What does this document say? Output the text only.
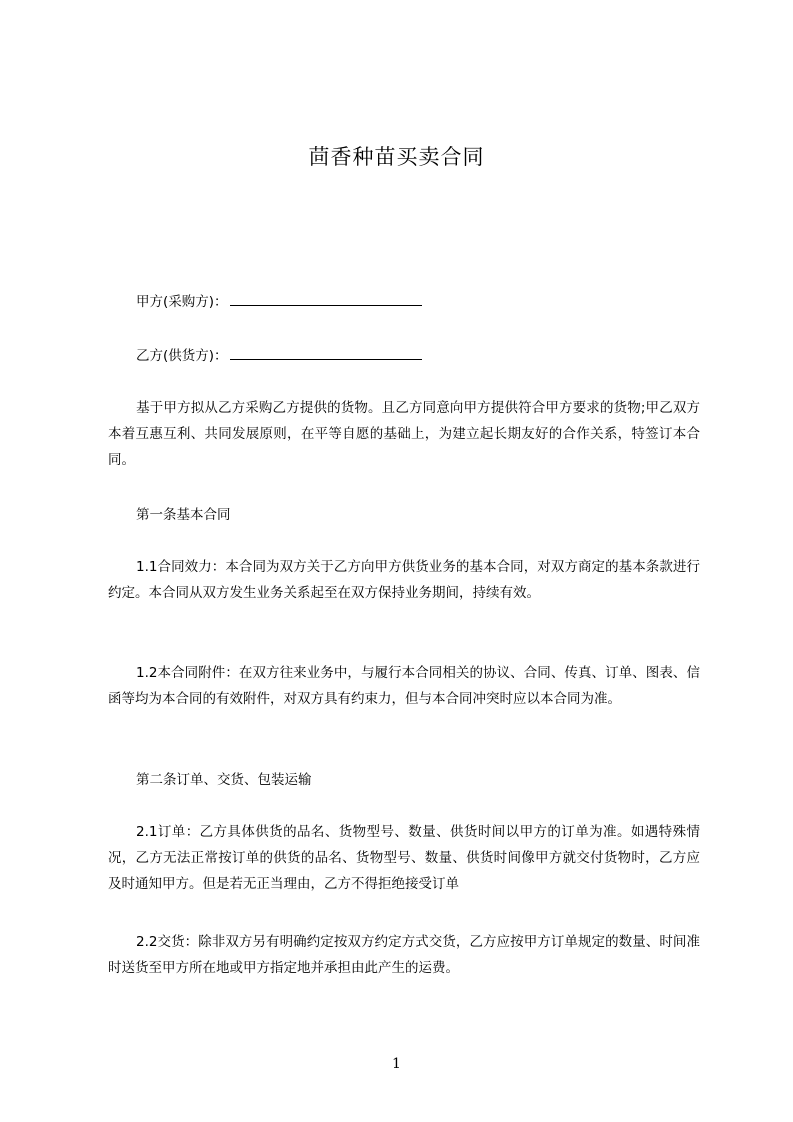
茴香种苗买卖合同
甲方(采购方)：
乙方(供货方)：
基于甲方拟从乙方采购乙方提供的货物。且乙方同意向甲方提供符合甲方要求的货物;甲乙双方本着互惠互利、共同发展原则，在平等自愿的基础上，为建立起长期友好的合作关系，特签订本合同。
第一条基本合同
1.1合同效力：本合同为双方关于乙方向甲方供货业务的基本合同，对双方商定的基本条款进行约定。本合同从双方发生业务关系起至在双方保持业务期间，持续有效。
1.2本合同附件：在双方往来业务中，与履行本合同相关的协议、合同、传真、订单、图表、信函等均为本合同的有效附件，对双方具有约束力，但与本合同冲突时应以本合同为准。
第二条订单、交货、包装运输
2.1订单：乙方具体供货的品名、货物型号、数量、供货时间以甲方的订单为准。如遇特殊情况，乙方无法正常按订单的供货的品名、货物型号、数量、供货时间像甲方就交付货物时，乙方应及时通知甲方。但是若无正当理由，乙方不得拒绝接受订单
2.2交货：除非双方另有明确约定按双方约定方式交货，乙方应按甲方订单规定的数量、时间准时送货至甲方所在地或甲方指定地并承担由此产生的运费。
1
